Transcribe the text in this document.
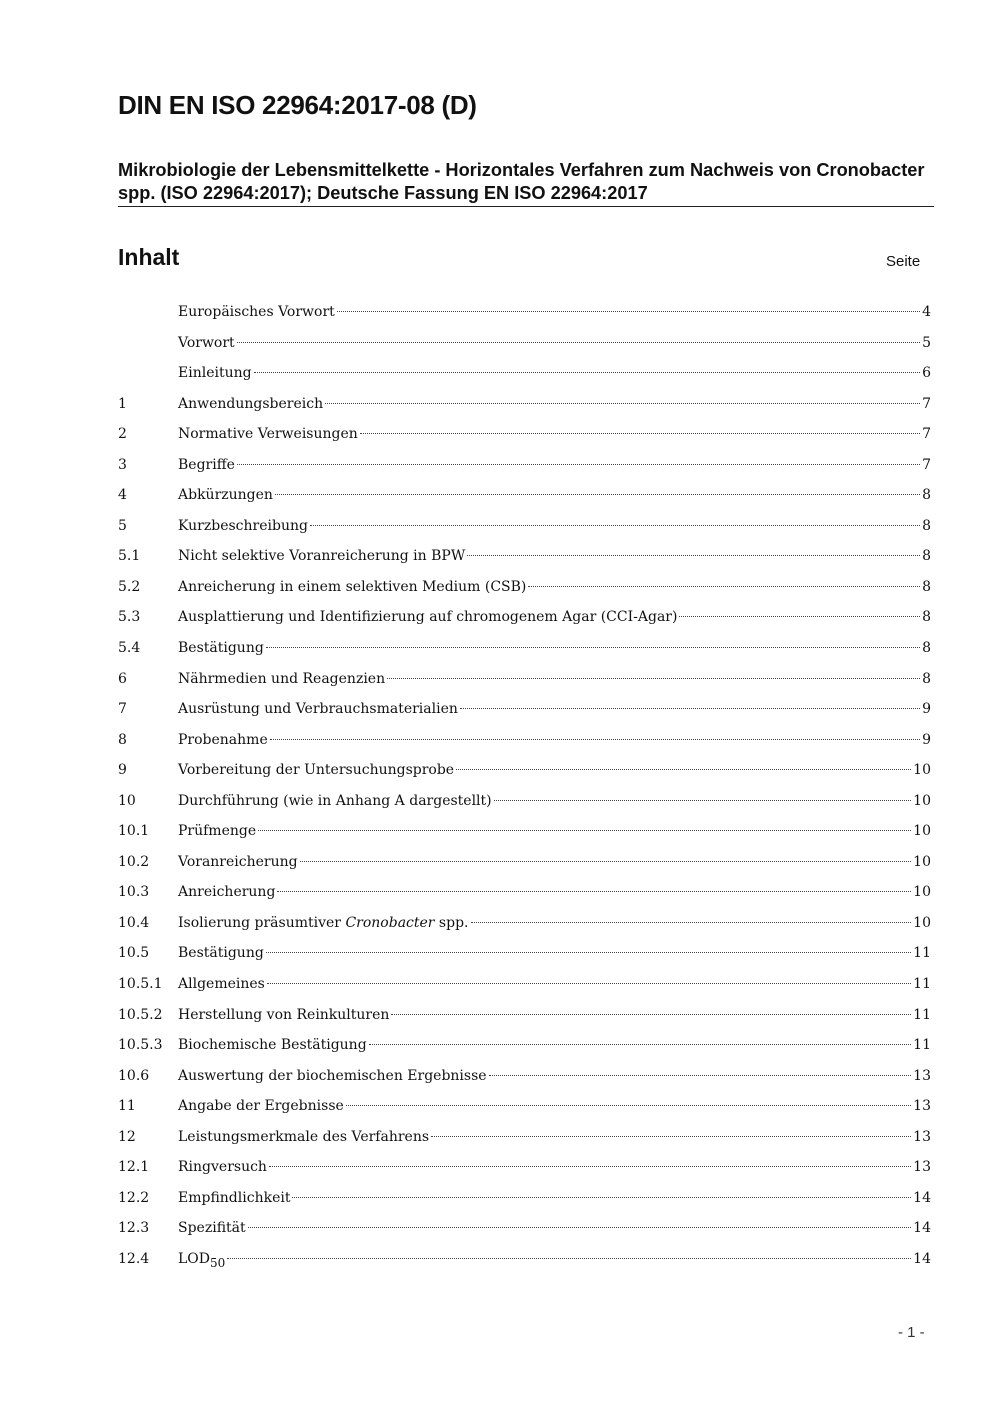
DIN EN ISO 22964:2017-08 (D)

Mikrobiologie der Lebensmittelkette - Horizontales Verfahren zum Nachweis von Cronobacter spp. (ISO 22964:2017); Deutsche Fassung EN ISO 22964:2017

Inhalt	Seite
Europäisches Vorwort	4
Vorwort	5
Einleitung	6
1	Anwendungsbereich	7
2	Normative Verweisungen	7
3	Begriffe	7
4	Abkürzungen	8
5	Kurzbeschreibung	8
5.1	Nicht selektive Voranreicherung in BPW	8
5.2	Anreicherung in einem selektiven Medium (CSB)	8
5.3	Ausplattierung und Identifizierung auf chromogenem Agar (CCI-Agar)	8
5.4	Bestätigung	8
6	Nährmedien und Reagenzien	8
7	Ausrüstung und Verbrauchsmaterialien	9
8	Probenahme	9
9	Vorbereitung der Untersuchungsprobe	10
10	Durchführung (wie in Anhang A dargestellt)	10
10.1	Prüfmenge	10
10.2	Voranreicherung	10
10.3	Anreicherung	10
10.4	Isolierung präsumtiver Cronobacter spp.	10
10.5	Bestätigung	11
10.5.1	Allgemeines	11
10.5.2	Herstellung von Reinkulturen	11
10.5.3	Biochemische Bestätigung	11
10.6	Auswertung der biochemischen Ergebnisse	13
11	Angabe der Ergebnisse	13
12	Leistungsmerkmale des Verfahrens	13
12.1	Ringversuch	13
12.2	Empfindlichkeit	14
12.3	Spezifität	14
12.4	LOD50	14
- 1 -
